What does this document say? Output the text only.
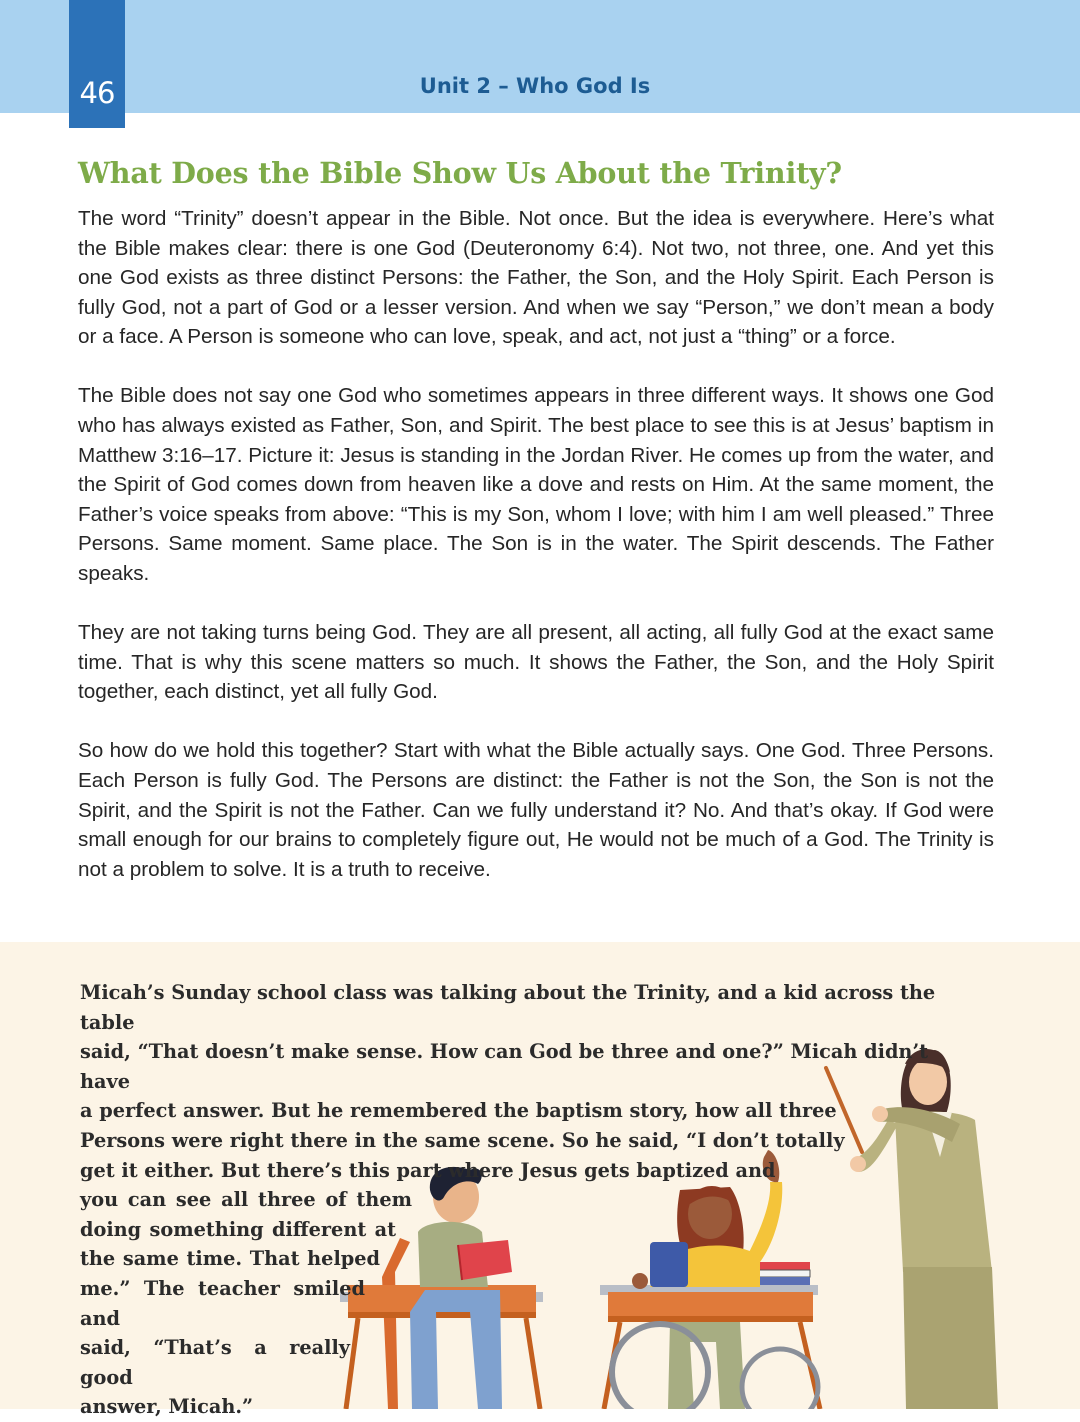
46	Unit 2 – Who God Is
What Does the Bible Show Us About the Trinity?

The word “Trinity” doesn’t appear in the Bible. Not once. But the idea is everywhere. Here’s what the Bible makes clear: there is one God (Deuteronomy 6:4). Not two, not three, one. And yet this one God exists as three distinct Persons: the Father, the Son, and the Holy Spirit. Each Person is fully God, not a part of God or a lesser version. And when we say “Person,” we don’t mean a body or a face. A Person is someone who can love, speak, and act, not just a “thing” or a force.

The Bible does not say one God who sometimes appears in three different ways. It shows one God who has always existed as Father, Son, and Spirit. The best place to see this is at Jesus’ baptism in Matthew 3:16–17. Picture it: Jesus is standing in the Jordan River. He comes up from the water, and the Spirit of God comes down from heaven like a dove and rests on Him. At the same moment, the Father’s voice speaks from above: “This is my Son, whom I love; with him I am well pleased.” Three Persons. Same moment. Same place. The Son is in the water. The Spirit descends. The Father speaks.

They are not taking turns being God. They are all present, all acting, all fully God at the exact same time. That is why this scene matters so much. It shows the Father, the Son, and the Holy Spirit together, each distinct, yet all fully God.

So how do we hold this together? Start with what the Bible actually says. One God. Three Persons. Each Person is fully God. The Persons are distinct: the Father is not the Son, the Son is not the Spirit, and the Spirit is not the Father. Can we fully understand it? No. And that’s okay. If God were small enough for our brains to completely figure out, He would not be much of a God. The Trinity is not a problem to solve. It is a truth to receive.

Micah’s Sunday school class was talking about the Trinity, and a kid across the table
said, “That doesn’t make sense. How can God be three and one?” Micah didn’t have
a perfect answer. But he remembered the baptism story, how all three
Persons were right there in the same scene. So he said, “I don’t totally
get it either. But there’s this part where Jesus gets baptized and
you can see all three of them
doing something different at
the same time. That helped
me.” The teacher smiled and
said, “That’s a really good
answer, Micah.”
